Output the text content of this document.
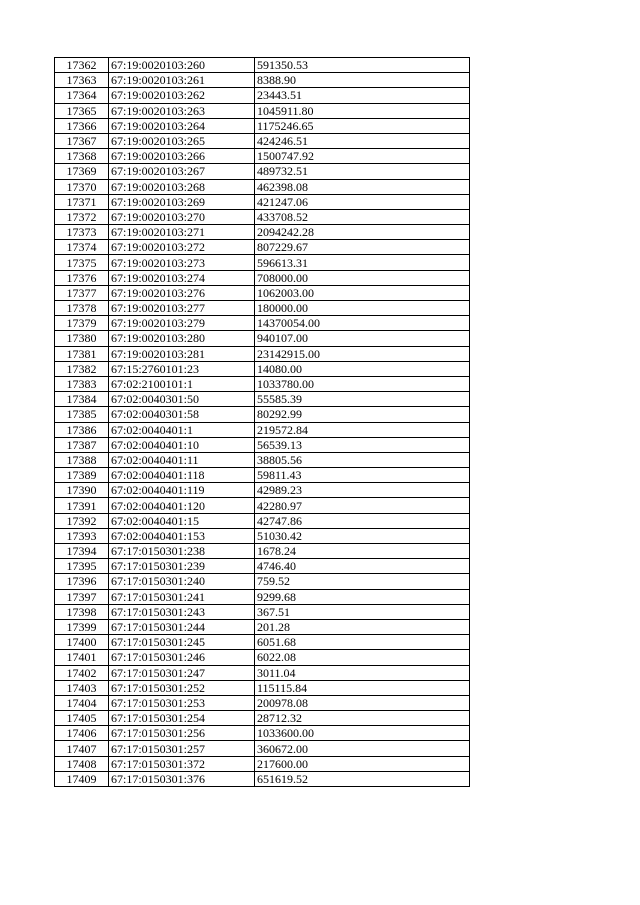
17362	67:19:0020103:260	591350.53
17363	67:19:0020103:261	8388.90
17364	67:19:0020103:262	23443.51
17365	67:19:0020103:263	1045911.80
17366	67:19:0020103:264	1175246.65
17367	67:19:0020103:265	424246.51
17368	67:19:0020103:266	1500747.92
17369	67:19:0020103:267	489732.51
17370	67:19:0020103:268	462398.08
17371	67:19:0020103:269	421247.06
17372	67:19:0020103:270	433708.52
17373	67:19:0020103:271	2094242.28
17374	67:19:0020103:272	807229.67
17375	67:19:0020103:273	596613.31
17376	67:19:0020103:274	708000.00
17377	67:19:0020103:276	1062003.00
17378	67:19:0020103:277	180000.00
17379	67:19:0020103:279	14370054.00
17380	67:19:0020103:280	940107.00
17381	67:19:0020103:281	23142915.00
17382	67:15:2760101:23	14080.00
17383	67:02:2100101:1	1033780.00
17384	67:02:0040301:50	55585.39
17385	67:02:0040301:58	80292.99
17386	67:02:0040401:1	219572.84
17387	67:02:0040401:10	56539.13
17388	67:02:0040401:11	38805.56
17389	67:02:0040401:118	59811.43
17390	67:02:0040401:119	42989.23
17391	67:02:0040401:120	42280.97
17392	67:02:0040401:15	42747.86
17393	67:02:0040401:153	51030.42
17394	67:17:0150301:238	1678.24
17395	67:17:0150301:239	4746.40
17396	67:17:0150301:240	759.52
17397	67:17:0150301:241	9299.68
17398	67:17:0150301:243	367.51
17399	67:17:0150301:244	201.28
17400	67:17:0150301:245	6051.68
17401	67:17:0150301:246	6022.08
17402	67:17:0150301:247	3011.04
17403	67:17:0150301:252	115115.84
17404	67:17:0150301:253	200978.08
17405	67:17:0150301:254	28712.32
17406	67:17:0150301:256	1033600.00
17407	67:17:0150301:257	360672.00
17408	67:17:0150301:372	217600.00
17409	67:17:0150301:376	651619.52
